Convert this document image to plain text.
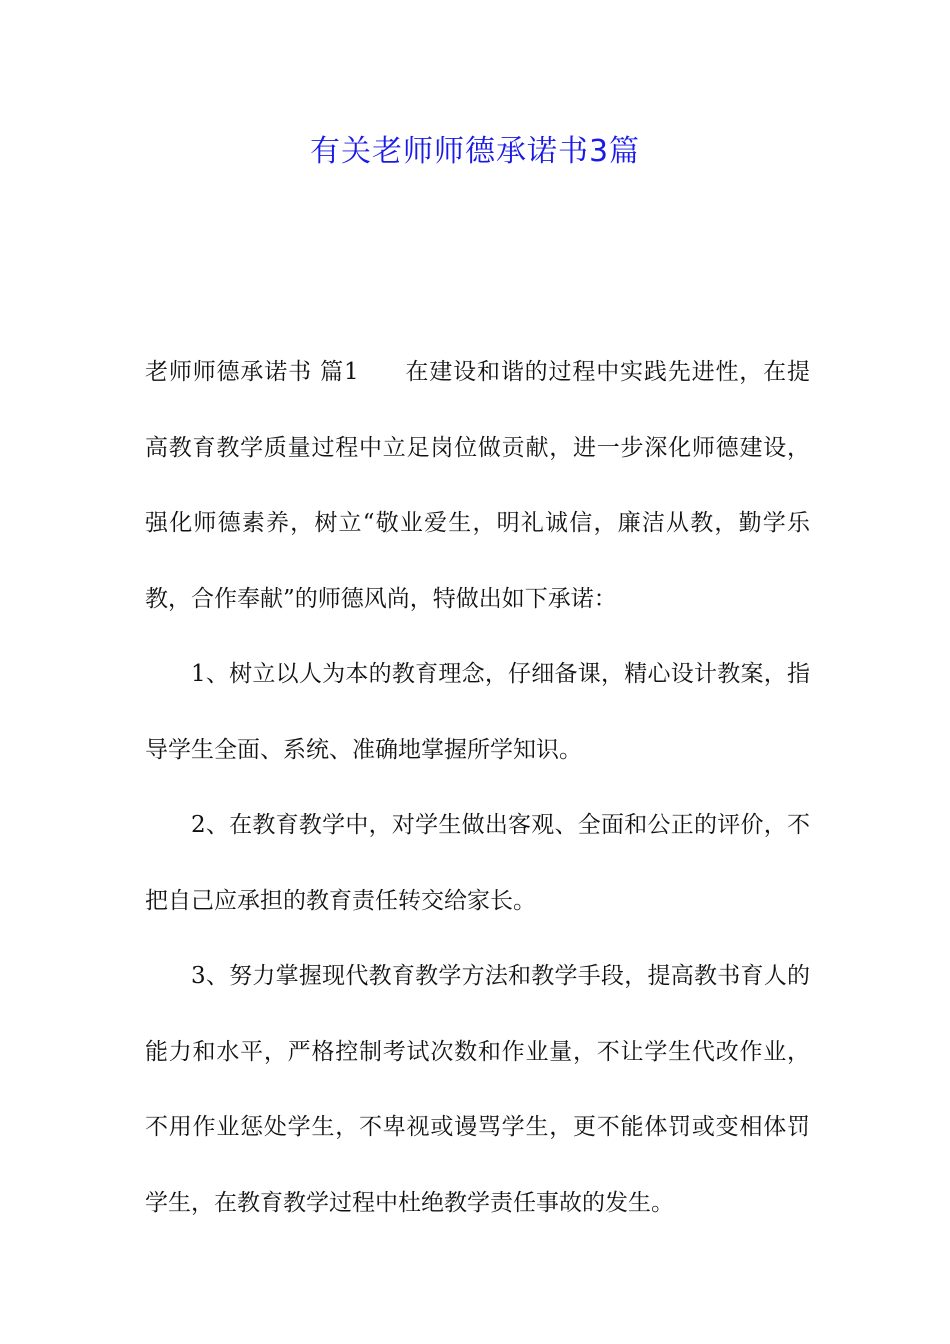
有关老师师德承诺书3篇

老师师德承诺书 篇1 在建设和谐的过程中实践先进性，在提高教育教学质量过程中立足岗位做贡献，进一步深化师德建设，强化师德素养，树立“敬业爱生，明礼诚信，廉洁从教，勤学乐教，合作奉献”的师德风尚，特做出如下承诺：

1、树立以人为本的教育理念，仔细备课，精心设计教案，指导学生全面、系统、准确地掌握所学知识。

2、在教育教学中，对学生做出客观、全面和公正的评价，不把自己应承担的教育责任转交给家长。

3、努力掌握现代教育教学方法和教学手段，提高教书育人的能力和水平，严格控制考试次数和作业量，不让学生代改作业，不用作业惩处学生，不卑视或谩骂学生，更不能体罚或变相体罚学生，在教育教学过程中杜绝教学责任事故的发生。
